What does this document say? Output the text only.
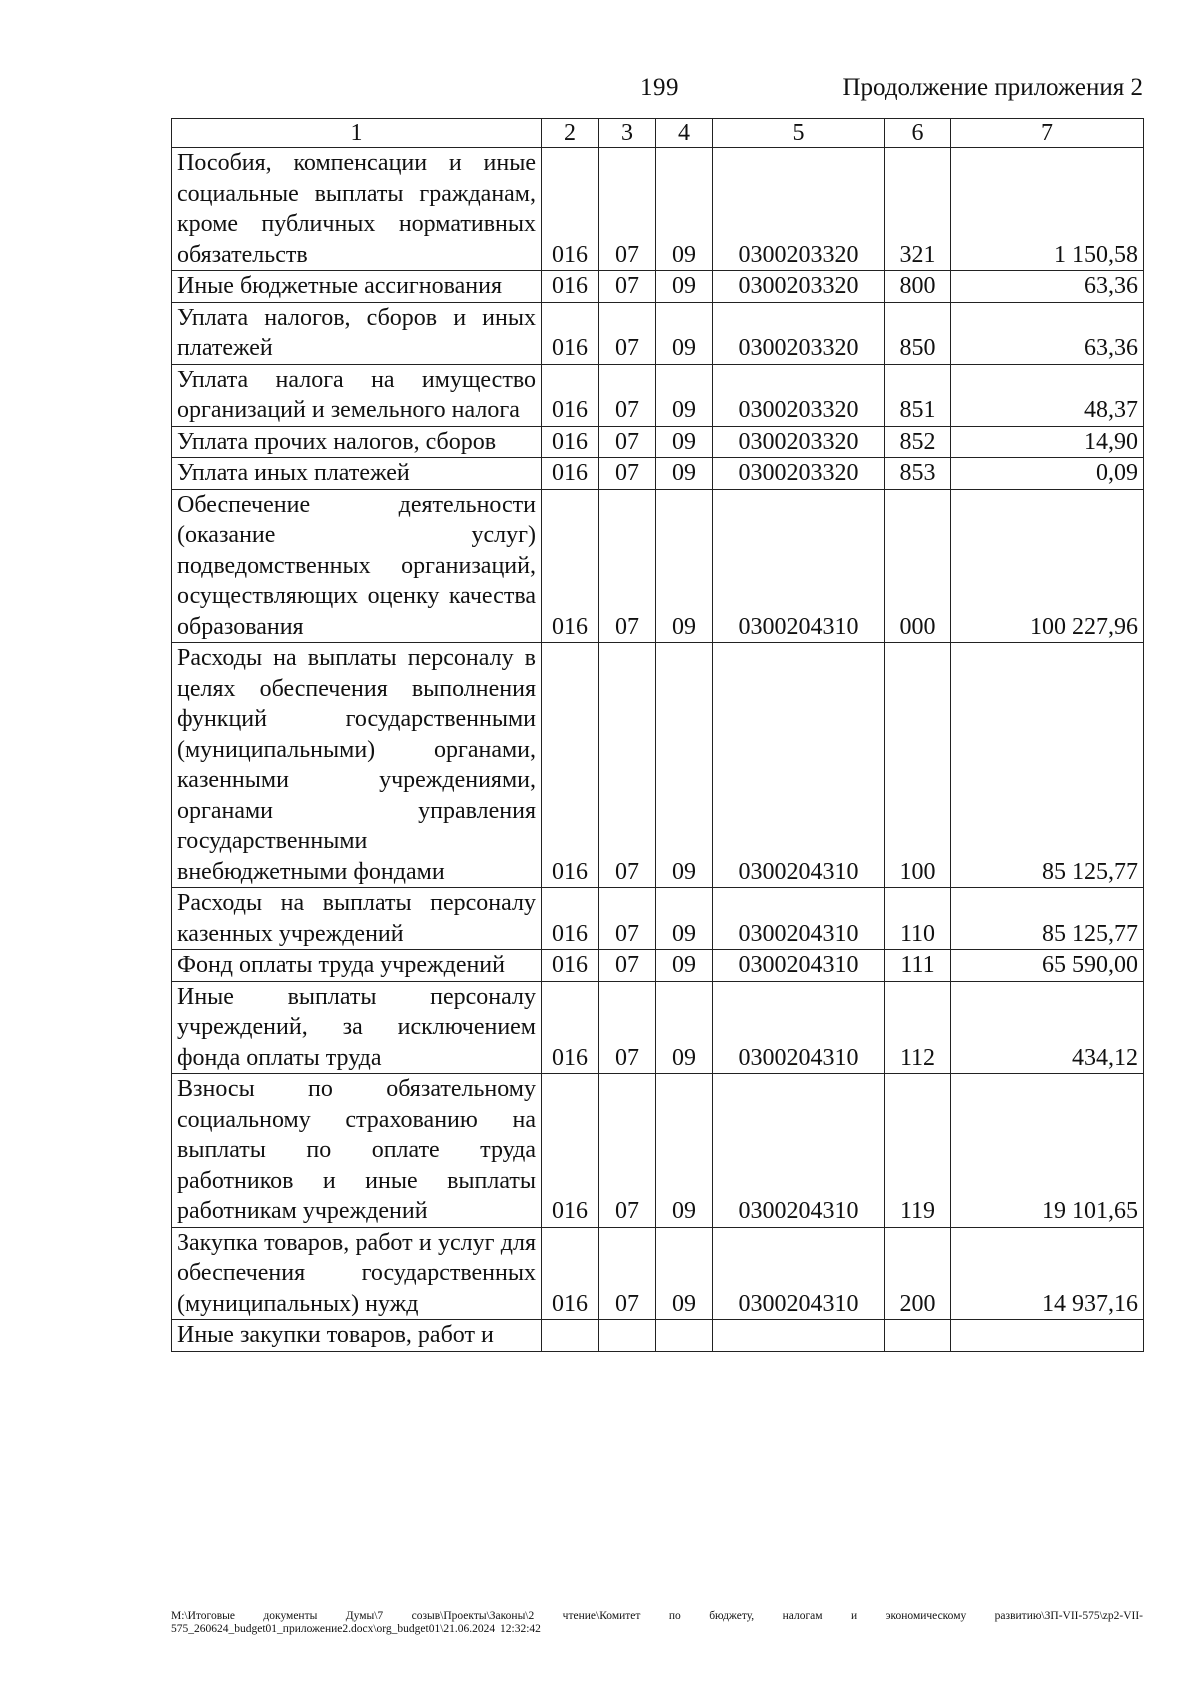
199	Продолжение приложения 2
1	2	3	4	5	6	7
Пособия, компенсации и иные социальные выплаты гражданам, кроме публичных нормативных обязательств	016	07	09	0300203320	321	1 150,58
Иные бюджетные ассигнования	016	07	09	0300203320	800	63,36
Уплата налогов, сборов и иных платежей	016	07	09	0300203320	850	63,36
Уплата налога на имущество организаций и земельного налога	016	07	09	0300203320	851	48,37
Уплата прочих налогов, сборов	016	07	09	0300203320	852	14,90
Уплата иных платежей	016	07	09	0300203320	853	0,09
Обеспечение деятельности (оказание услуг) подведомственных организаций, осуществляющих оценку качества образования	016	07	09	0300204310	000	100 227,96
Расходы на выплаты персоналу в целях обеспечения выполнения функций государственными (муниципальными) органами, казенными учреждениями, органами управления государственными внебюджетными фондами	016	07	09	0300204310	100	85 125,77
Расходы на выплаты персоналу казенных учреждений	016	07	09	0300204310	110	85 125,77
Фонд оплаты труда учреждений	016	07	09	0300204310	111	65 590,00
Иные выплаты персоналу учреждений, за исключением фонда оплаты труда	016	07	09	0300204310	112	434,12
Взносы по обязательному социальному страхованию на выплаты по оплате труда работников и иные выплаты работникам учреждений	016	07	09	0300204310	119	19 101,65
Закупка товаров, работ и услуг для обеспечения государственных (муниципальных) нужд	016	07	09	0300204310	200	14 937,16
Иные закупки товаров, работ и						
M:\Итоговые документы Думы\7 созыв\Проекты\Законы\2 чтение\Комитет по бюджету, налогам и экономическому развитию\ЗП-VII-575\zp2-VII-575_260624_budget01_приложение2.docx\org_budget01\21.06.2024 12:32:42
